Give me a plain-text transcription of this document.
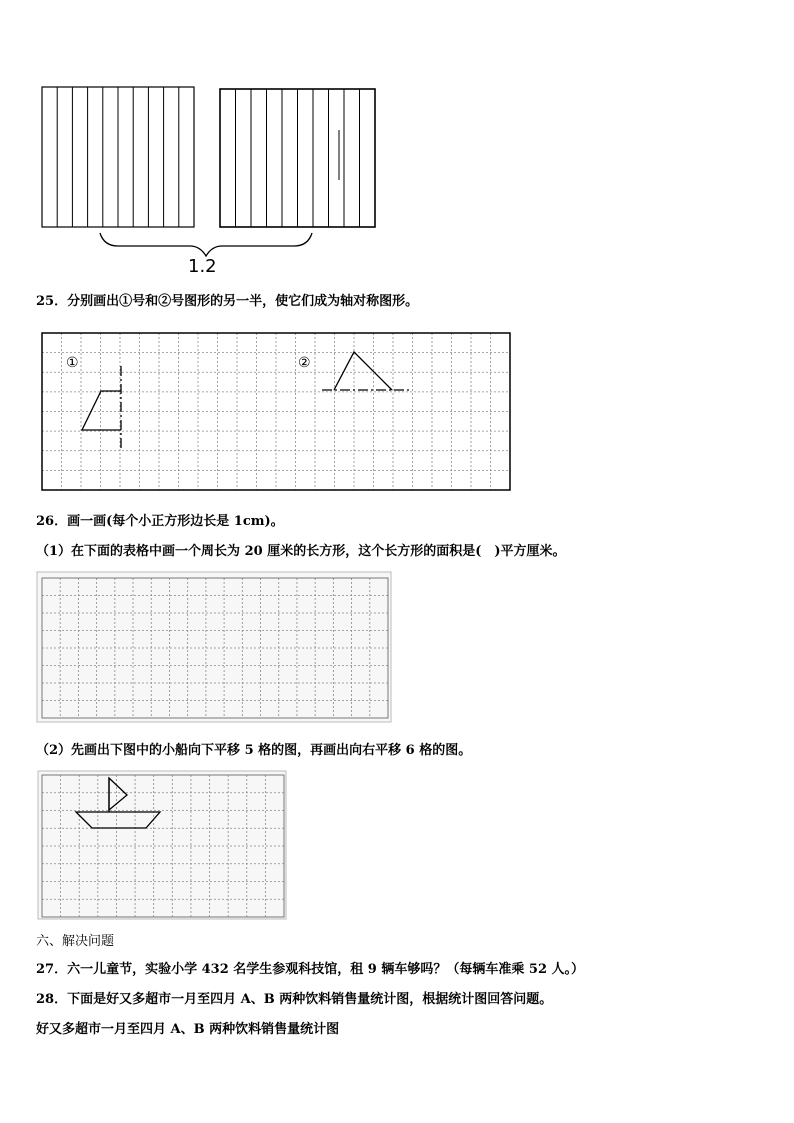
1.2
25．分别画出①号和②号图形的另一半，使它们成为轴对称图形。
①	②
26．画一画(每个小正方形边长是 1cm)。
（1）在下面的表格中画一个周长为 20 厘米的长方形，这个长方形的面积是(　)平方厘米。
（2）先画出下图中的小船向下平移 5 格的图，再画出向右平移 6 格的图。
六、解决问题
27．六一儿童节，实验小学 432 名学生参观科技馆，租 9 辆车够吗？（每辆车准乘 52 人。）
28．下面是好又多超市一月至四月 A、B 两种饮料销售量统计图，根据统计图回答问题。
好又多超市一月至四月 A、B 两种饮料销售量统计图
